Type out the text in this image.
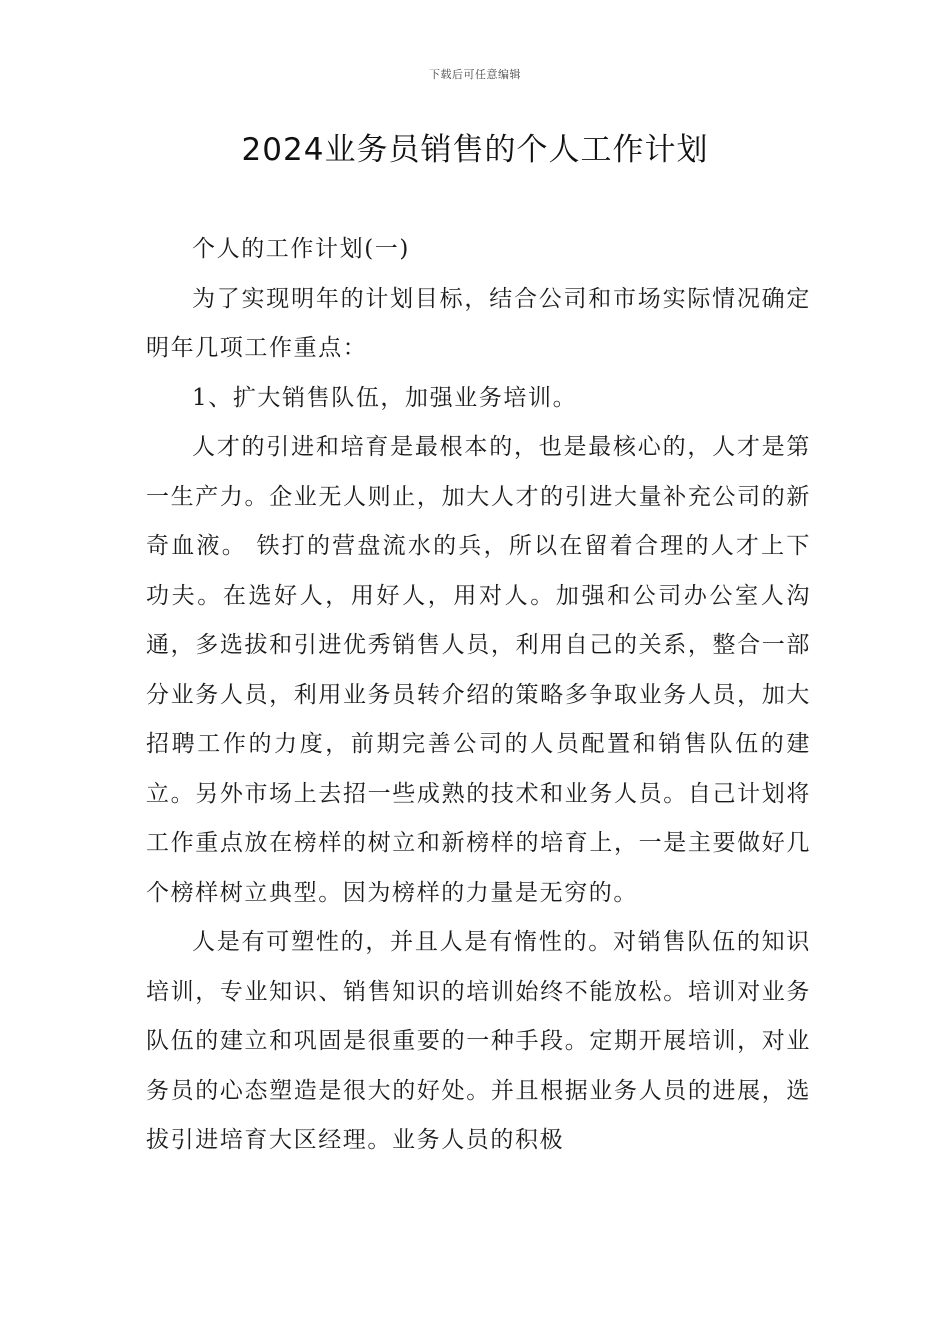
下载后可任意编辑
2024业务员销售的个人工作计划

个人的工作计划(一)

为了实现明年的计划目标，结合公司和市场实际情况确定明年几项工作重点：

1、扩大销售队伍，加强业务培训。

人才的引进和培育是最根本的，也是最核心的，人才是第一生产力。企业无人则止，加大人才的引进大量补充公司的新奇血液。 铁打的营盘流水的兵，所以在留着合理的人才上下功夫。在选好人，用好人，用对人。加强和公司办公室人沟通，多选拔和引进优秀销售人员，利用自己的关系，整合一部分业务人员，利用业务员转介绍的策略多争取业务人员，加大招聘工作的力度，前期完善公司的人员配置和销售队伍的建立。另外市场上去招一些成熟的技术和业务人员。自己计划将工作重点放在榜样的树立和新榜样的培育上，一是主要做好几个榜样树立典型。因为榜样的力量是无穷的。

人是有可塑性的，并且人是有惰性的。对销售队伍的知识培训，专业知识、销售知识的培训始终不能放松。培训对业务队伍的建立和巩固是很重要的一种手段。定期开展培训，对业务员的心态塑造是很大的好处。并且根据业务人员的进展，选拔引进培育大区经理。业务人员的积极
